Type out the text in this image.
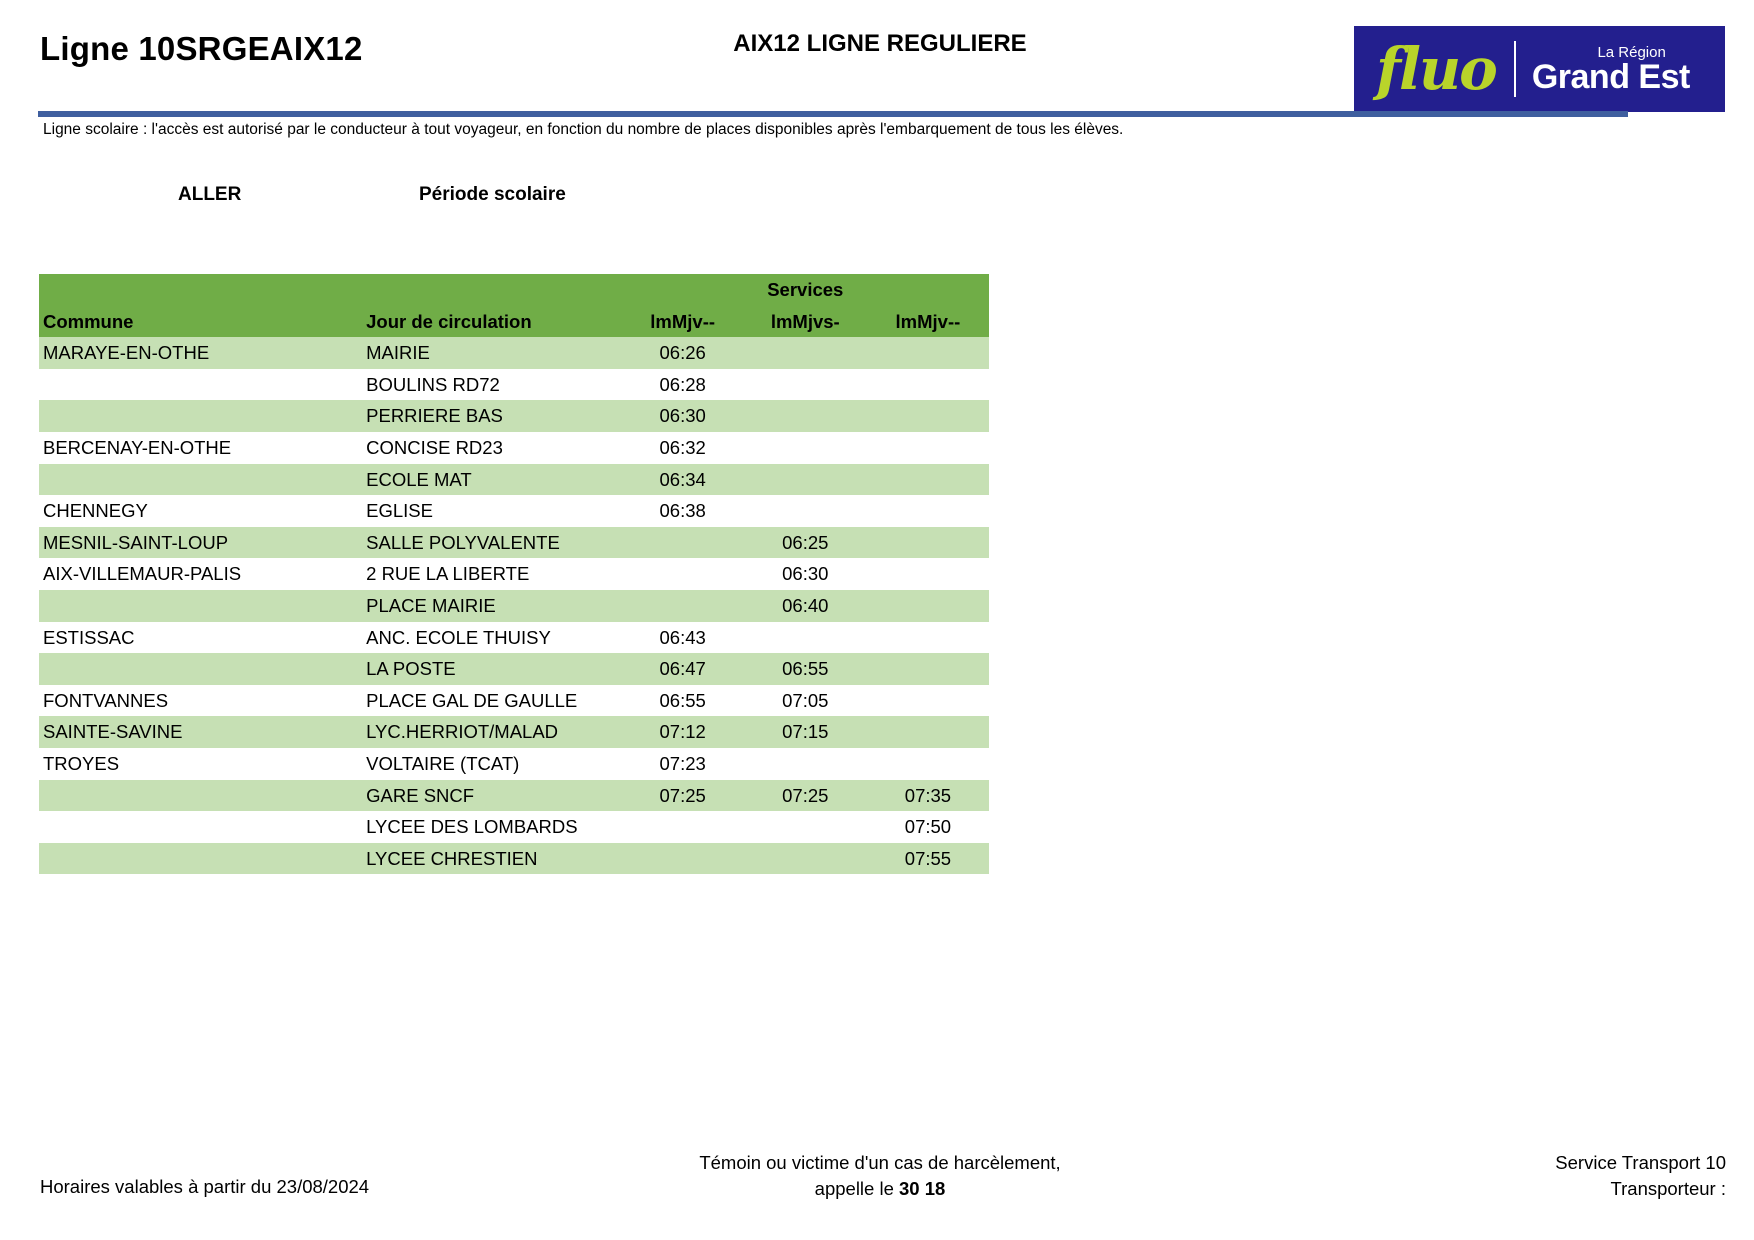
Ligne 10SRGEAIX12	AIX12 LIGNE REGULIERE	fluo	La Région
Grand Est
Ligne scolaire : l'accès est autorisé par le conducteur à tout voyageur, en fonction du nombre de places disponibles après l'embarquement de tous les élèves.
ALLER	Période scolaire
			Services	
Commune	Jour de circulation	lmMjv--	lmMjvs-	lmMjv--
MARAYE-EN-OTHE	MAIRIE	06:26		
	BOULINS RD72	06:28		
	PERRIERE BAS	06:30		
BERCENAY-EN-OTHE	CONCISE RD23	06:32		
	ECOLE MAT	06:34		
CHENNEGY	EGLISE	06:38		
MESNIL-SAINT-LOUP	SALLE POLYVALENTE		06:25	
AIX-VILLEMAUR-PALIS	2 RUE LA LIBERTE		06:30	
	PLACE MAIRIE		06:40	
ESTISSAC	ANC. ECOLE THUISY	06:43		
	LA POSTE	06:47	06:55	
FONTVANNES	PLACE GAL DE GAULLE	06:55	07:05	
SAINTE-SAVINE	LYC.HERRIOT/MALAD	07:12	07:15	
TROYES	VOLTAIRE (TCAT)	07:23		
	GARE SNCF	07:25	07:25	07:35
	LYCEE DES LOMBARDS			07:50
	LYCEE CHRESTIEN			07:55
Horaires valables à partir du 23/08/2024
Témoin ou victime d'un cas de harcèlement,
appelle le 30 18
Service Transport 10
Transporteur :
